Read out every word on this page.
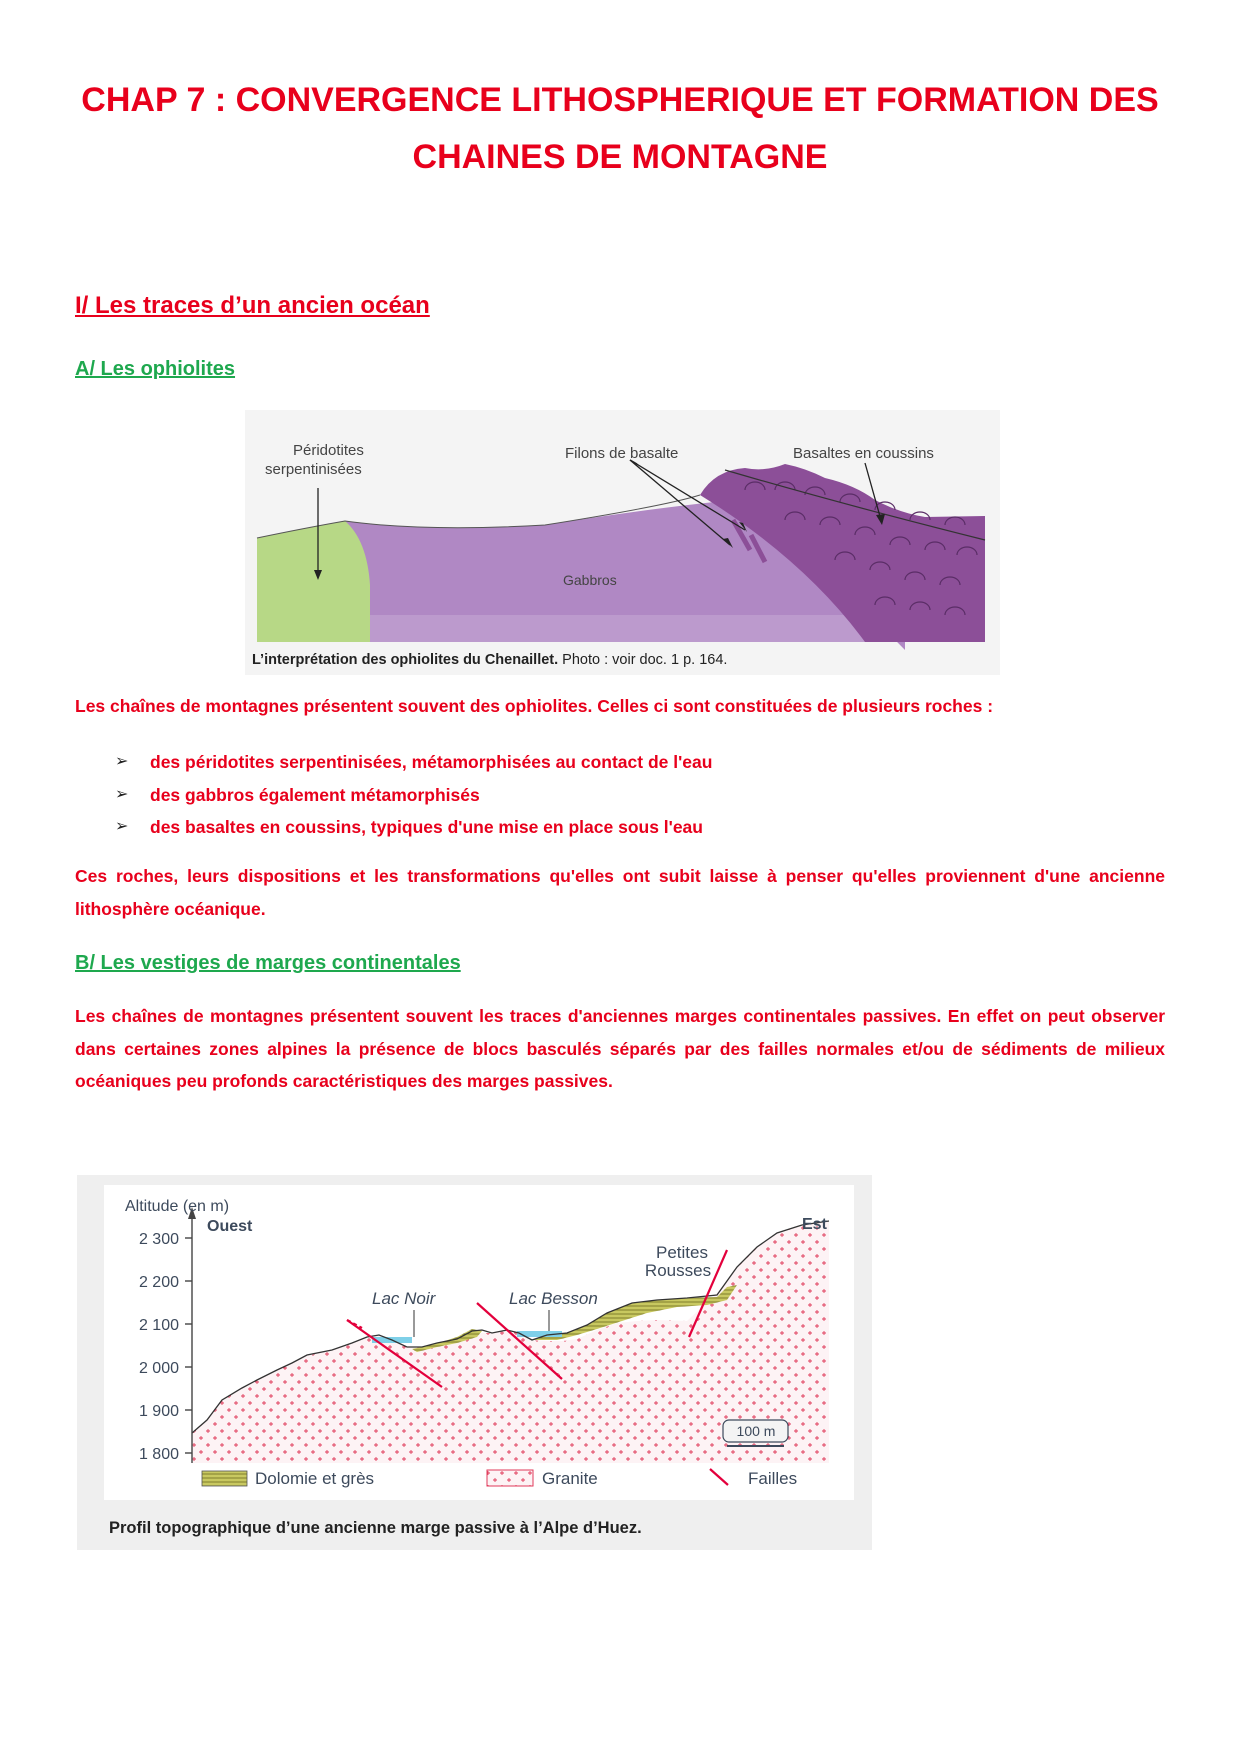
CHAP 7 : CONVERGENCE LITHOSPHERIQUE ET FORMATION DES CHAINES DE MONTAGNE
I/ Les traces d’un ancien océan
A/ Les ophiolites
Péridotites
serpentinisées
Filons de basalte	Basaltes en coussins
Gabbros
L’interprétation des ophiolites du Chenaillet. Photo : voir doc. 1 p. 164.

Les chaînes de montagnes présentent souvent des ophiolites. Celles ci sont constituées de plusieurs roches :

➢ des péridotites serpentinisées, métamorphisées au contact de l'eau
➢ des gabbros également métamorphisés
➢ des basaltes en coussins, typiques d'une mise en place sous l'eau

Ces roches, leurs dispositions et les transformations qu'elles ont subit laisse à penser qu'elles proviennent d'une ancienne lithosphère océanique.

B/ Les vestiges de marges continentales

Les chaînes de montagnes présentent souvent les traces d'anciennes marges continentales passives. En effet on peut observer dans certaines zones alpines la présence de blocs basculés séparés par des failles normales et/ou de sédiments de milieux océaniques peu profonds caractéristiques des marges passives.

Altitude (en m)
Ouest	Est
2 300
2 200
2 100
2 000
1 900
1 800
Lac Noir	Lac Besson
Petites
Rousses
100 m
Dolomie et grès	Granite	Failles
Profil topographique d’une ancienne marge passive à l’Alpe d’Huez.
